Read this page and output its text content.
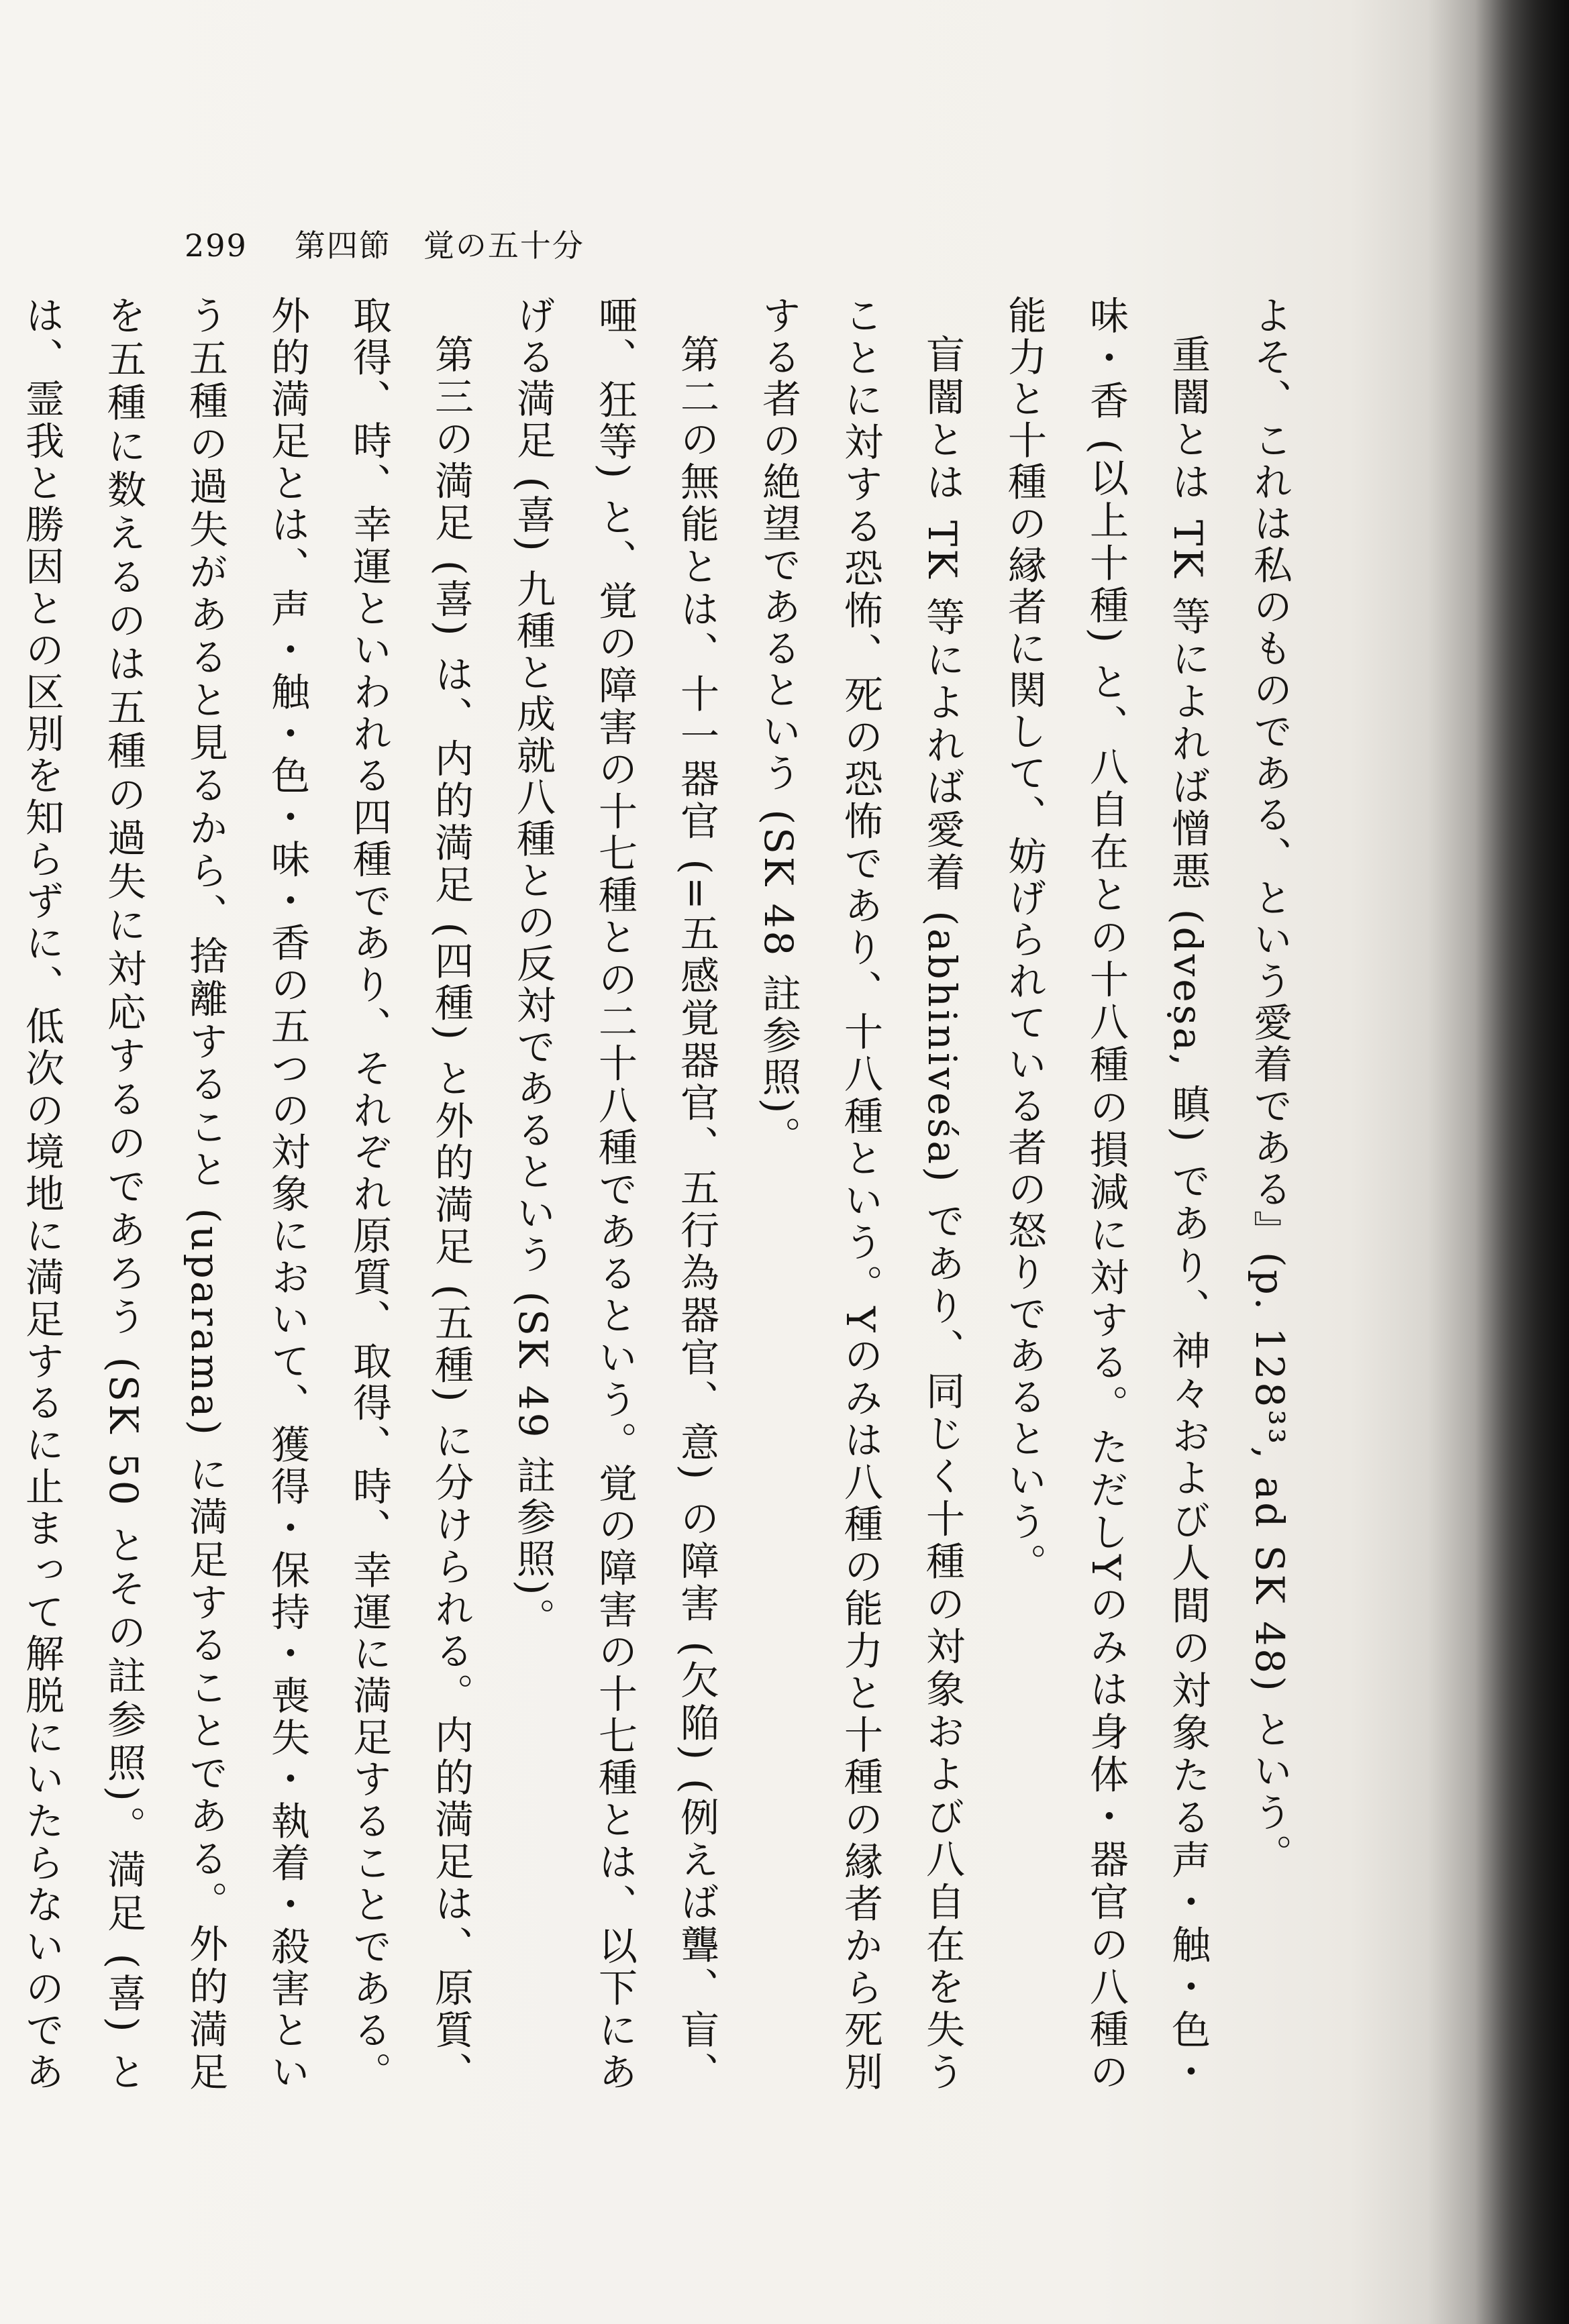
299 第四節　覚の五十分

よそ、これは私のものである、という愛着である』(p. 128³³, ad SK 48) という。

重闇とは TK 等によれば憎悪 (dveṣa, 瞋) であり、神々および人間の対象たる声・触・色・味・香 (以上十種) と、八自在との十八種の損減に対する。ただしYのみは身体・器官の八種の能力と十種の縁者に関して、妨げられている者の怒りであるという。

盲闇とは TK 等によれば愛着 (abhiniveśa) であり、同じく十種の対象および八自在を失うことに対する恐怖、死の恐怖であり、十八種という。Yのみは八種の能力と十種の縁者から死別する者の絶望であるという (SK 48 註参照)。

第二の無能とは、十一器官 (=五感覚器官、五行為器官、意) の障害 (欠陥) (例えば聾、盲、唖、狂等) と、覚の障害の十七種との二十八種であるという。覚の障害の十七種とは、以下にあげる満足 (喜) 九種と成就八種との反対であるという (SK 49 註参照)。

第三の満足 (喜) は、内的満足 (四種) と外的満足 (五種) に分けられる。内的満足は、原質、取得、時、幸運といわれる四種であり、それぞれ原質、取得、時、幸運に満足することである。外的満足とは、声・触・色・味・香の五つの対象において、獲得・保持・喪失・執着・殺害という五種の過失があると見るから、捨離すること (uparama) に満足することである。外的満足を五種に数えるのは五種の過失に対応するのであろう (SK 50 とその註参照)。満足 (喜) とは、霊我と勝因との区別を知らずに、低次の境地に満足するに止まって解脱にいたらないのであ
